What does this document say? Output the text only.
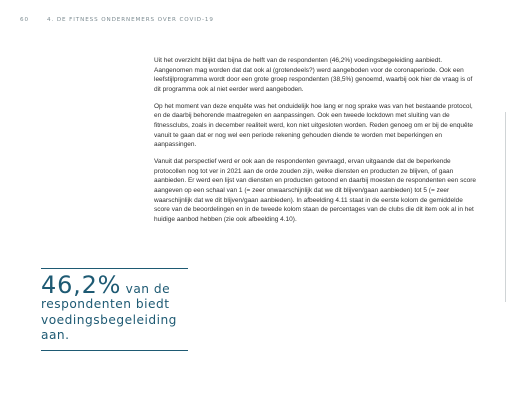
60	4. DE FITNESS ONDERNEMERS OVER COVID-19

Uit het overzicht blijkt dat bijna de helft van de respondenten (46,2%) voedingsbegeleiding aanbiedt. Aangenomen mag worden dat dat ook al (grotendeels?) werd aangeboden voor de coronaperiode. Ook een leefstijlprogramma wordt door een grote groep respondenten (38,5%) genoemd, waarbij ook hier de vraag is of dit programma ook al niet eerder werd aangeboden.

Op het moment van deze enquête was het onduidelijk hoe lang er nog sprake was van het bestaande protocol, en de daarbij behorende maatregelen en aanpassingen. Ook een tweede lockdown met sluiting van de fitnessclubs, zoals in december realiteit werd, kon niet uitgesloten worden. Reden genoeg om er bij de enquête vanuit te gaan dat er nog wel een periode rekening gehouden diende te worden met beperkingen en aanpassingen.

Vanuit dat perspectief werd er ook aan de respondenten gevraagd, ervan uitgaande dat de beperkende protocollen nog tot ver in 2021 aan de orde zouden zijn, welke diensten en producten ze blijven, of gaan aanbieden. Er werd een lijst van diensten en producten getoond en daarbij moesten de respondenten een score aangeven op een schaal van 1 (= zeer onwaarschijnlijk dat we dit blijven/gaan aanbieden) tot 5 (= zeer waarschijnlijk dat we dit blijven/gaan aanbieden). In afbeelding 4.11 staat in de eerste kolom de gemiddelde score van de beoordelingen en in de tweede kolom staan de percentages van de clubs die dit item ook al in het huidige aanbod hebben (zie ook afbeelding 4.10).

46,2% van de
respondenten biedt
voedingsbegeleiding
aan.
